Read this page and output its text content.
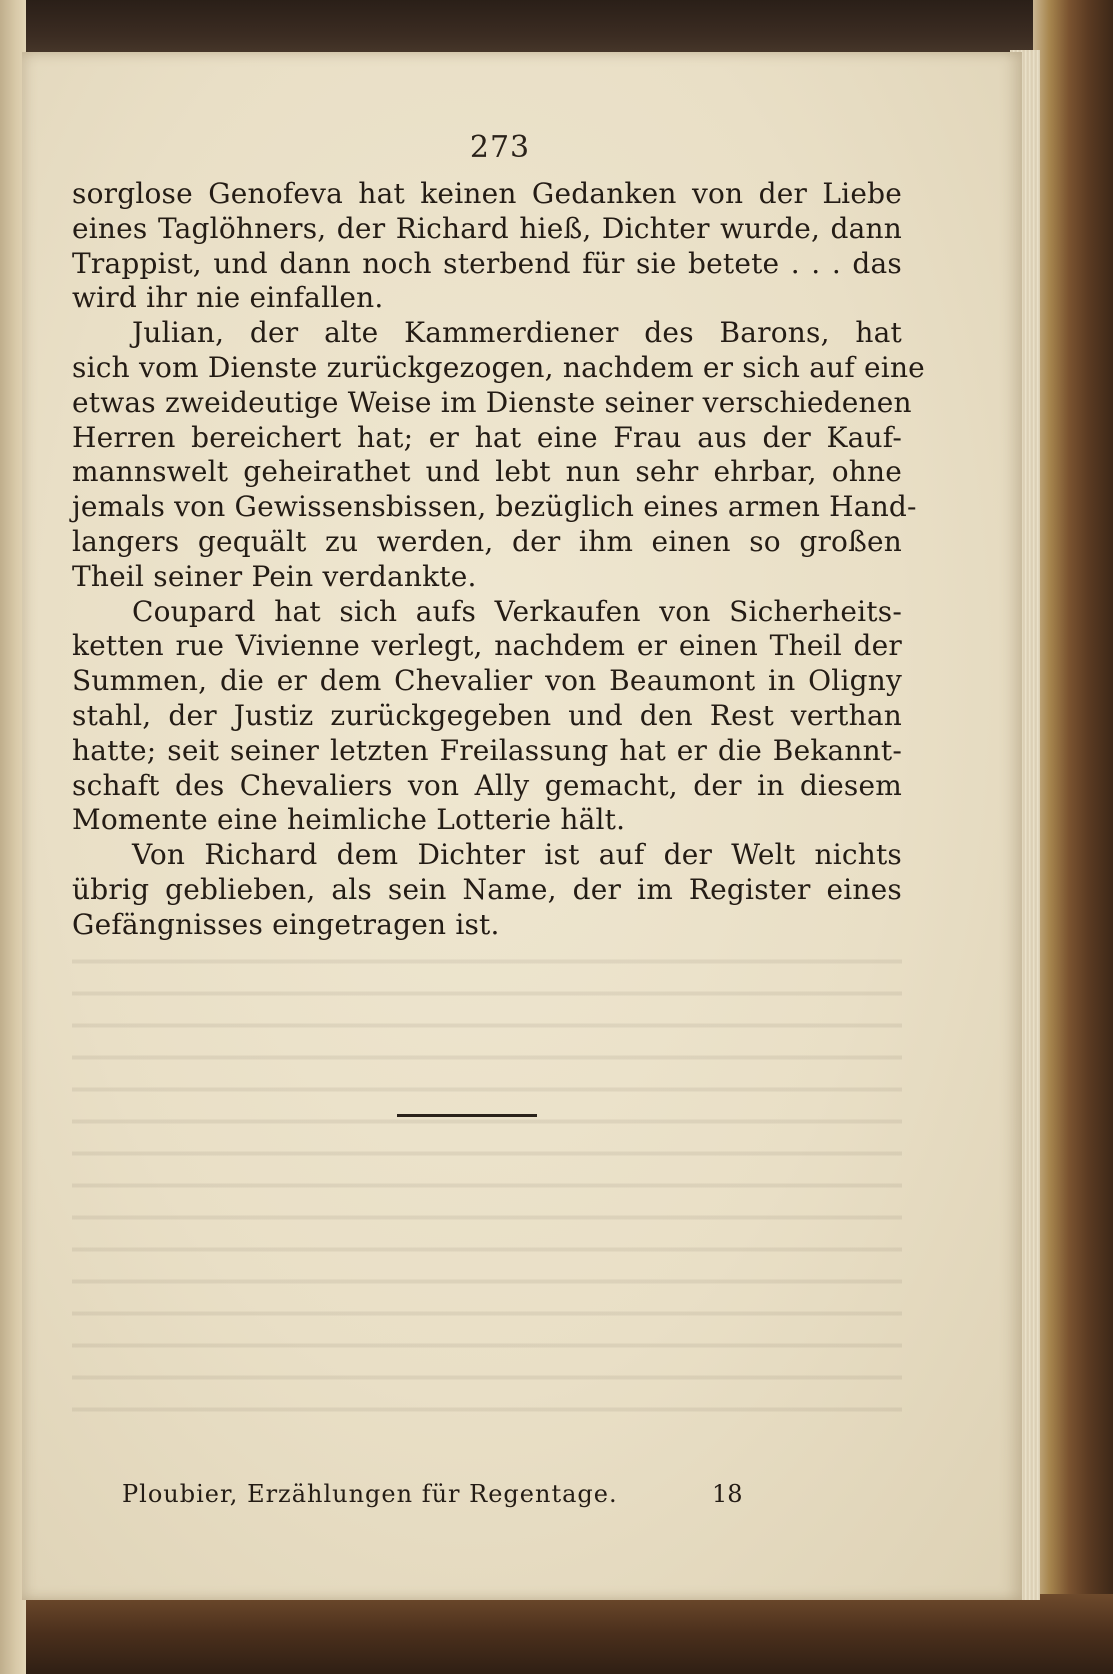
273
sorglose Genofeva hat keinen Gedanken von der Liebe
eines Taglöhners, der Richard hieß, Dichter wurde, dann
Trappist, und dann noch sterbend für sie betete . . . das
wird ihr nie einfallen.
Julian, der alte Kammerdiener des Barons, hat
sich vom Dienste zurückgezogen, nachdem er sich auf eine
etwas zweideutige Weise im Dienste seiner verschiedenen
Herren bereichert hat; er hat eine Frau aus der Kauf-
mannswelt geheirathet und lebt nun sehr ehrbar, ohne
jemals von Gewissensbissen, bezüglich eines armen Hand-
langers gequält zu werden, der ihm einen so großen
Theil seiner Pein verdankte.
Coupard hat sich aufs Verkaufen von Sicherheits-
ketten rue Vivienne verlegt, nachdem er einen Theil der
Summen, die er dem Chevalier von Beaumont in Oligny
stahl, der Justiz zurückgegeben und den Rest verthan
hatte; seit seiner letzten Freilassung hat er die Bekannt-
schaft des Chevaliers von Ally gemacht, der in diesem
Momente eine heimliche Lotterie hält.
Von Richard dem Dichter ist auf der Welt nichts
übrig geblieben, als sein Name, der im Register eines
Gefängnisses eingetragen ist.
Ploubier, Erzählungen für Regentage.	18
